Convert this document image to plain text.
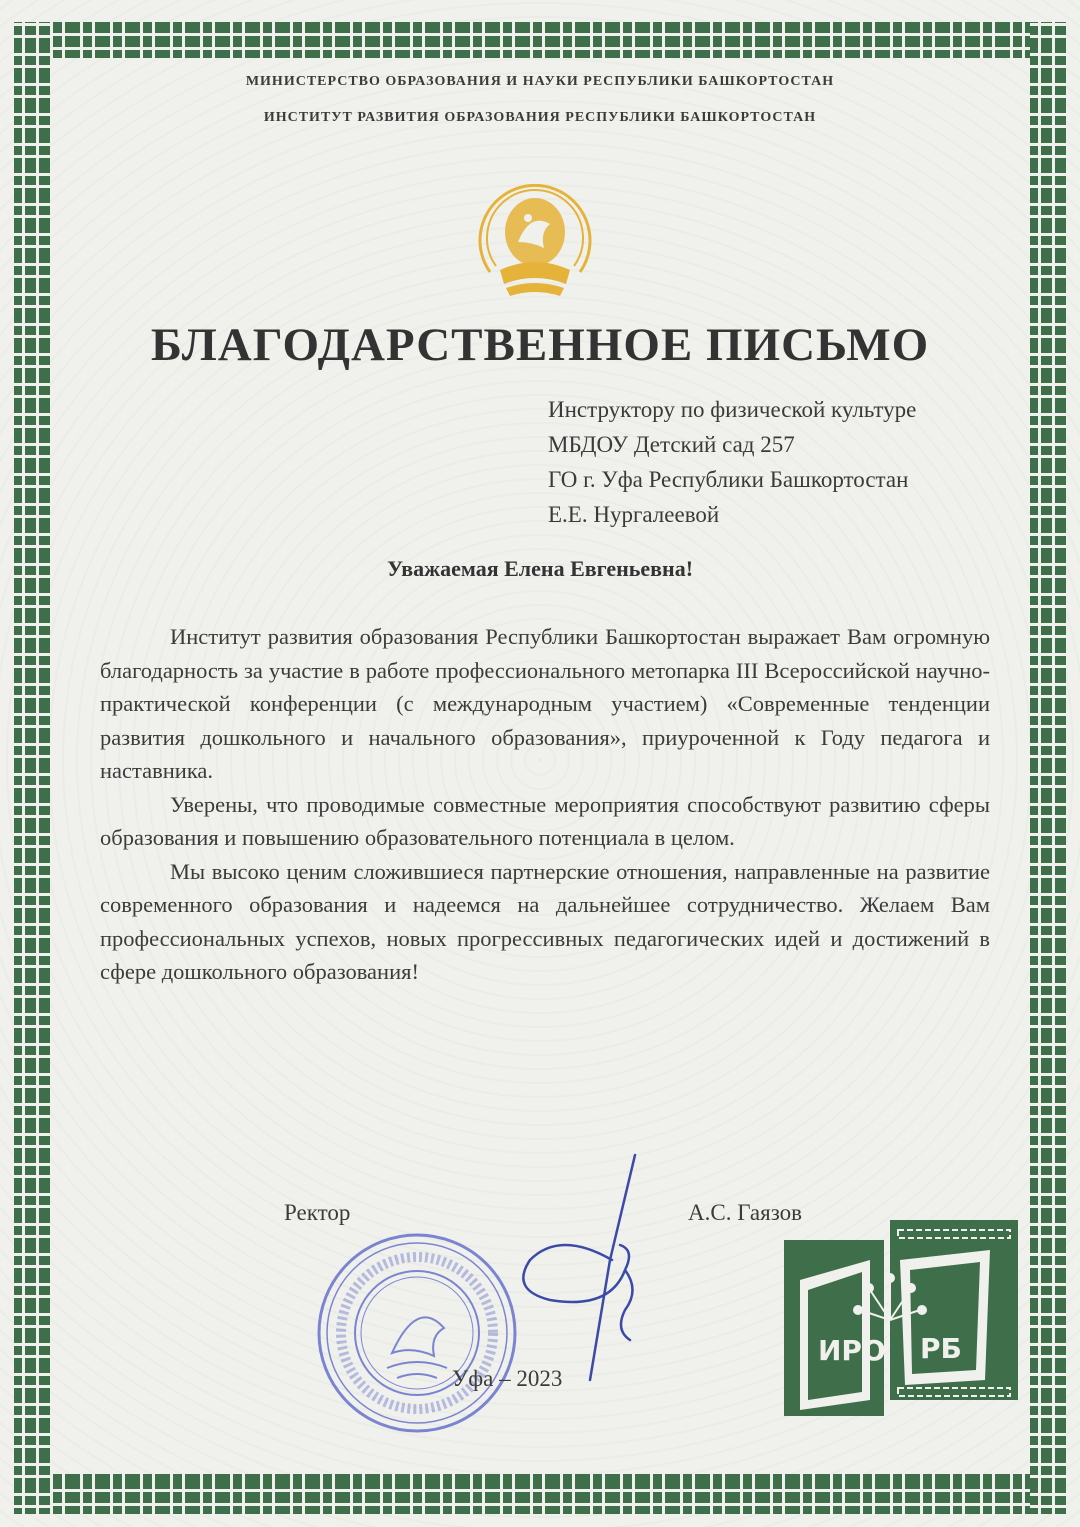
МИНИСТЕРСТВО ОБРАЗОВАНИЯ И НАУКИ РЕСПУБЛИКИ БАШКОРТОСТАН
ИНСТИТУТ РАЗВИТИЯ ОБРАЗОВАНИЯ РЕСПУБЛИКИ БАШКОРТОСТАН
БЛАГОДАРСТВЕННОЕ ПИСЬМО
Инструктору по физической культуре
МБДОУ Детский сад 257
ГО г. Уфа Республики Башкортостан
Е.Е. Нургалеевой
Уважаемая Елена Евгеньевна!

Институт развития образования Республики Башкортостан выражает Вам огромную благодарность за участие в работе профессионального метопарка III Всероссийской научно-практической конференции (с международным участием) «Современные тенденции развития дошкольного и начального образования», приуроченной к Году педагога и наставника.

Уверены, что проводимые совместные мероприятия способствуют развитию сферы образования и повышению образовательного потенциала в целом.

Мы высоко ценим сложившиеся партнерские отношения, направленные на развитие современного образования и надеемся на дальнейшее сотрудничество. Желаем Вам профессиональных успехов, новых прогрессивных педагогических идей и достижений в сфере дошкольного образования!

Ректор	А.С. Гаязов
Уфа – 2023
ИРО РБ
